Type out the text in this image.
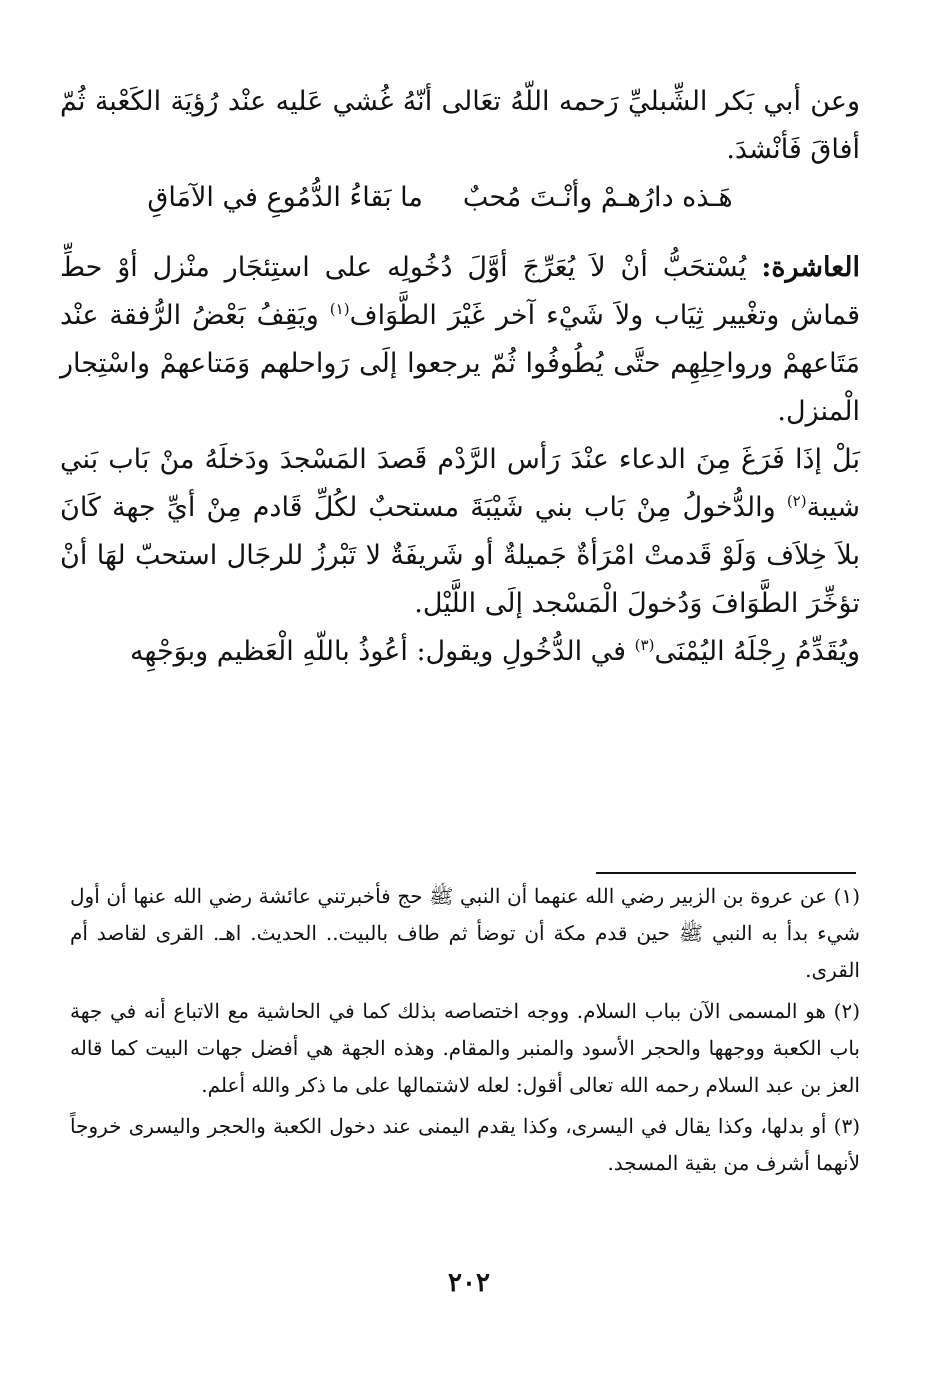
وعن أبي بَكر الشِّبليِّ رَحمه اللّهُ تعَالى أنّهُ غُشي عَليه عنْد رُؤيَة الكَعْبة ثُمّ أفاقَ فَأنْشدَ.

هَـذه دارُهـمْ وأنْـتَ مُحبٌ
ما بَقاءُ الدُّمُوعِ في الآمَاقِ

العاشرة: يُسْتحَبُّ أنْ لاَ يُعَرِّجَ أوَّلَ دُخُولِه على استِئجَار منْزل أوْ حطِّ قماش وتغْيير ثِيَاب ولاَ شَيْء آخر غَيْرَ الطَّوَاف$^{(١)}$ ويَقِفُ بَعْضُ الرُّفقة عنْد مَتَاعهمْ ورواحِلِهِم حتَّى يُطُوفُوا ثُمّ يرجعوا إلَى رَواحلهم وَمَتاعهمْ واسْتِجار الْمنزل.

بَلْ إذَا فَرَغَ مِنَ الدعاء عنْدَ رَأس الرَّدْم قَصدَ المَسْجدَ ودَخلَهُ منْ بَاب بَني شيبة$^{(٢)}$ والدُّخولُ مِنْ بَاب بني شَيْبَةَ مستحبٌ لكُلِّ قَادم مِنْ أيِّ جهة كَانَ بلاَ خِلاَف وَلَوْ قَدمتْ امْرَأةٌ جَميلةٌ أو شَريفَةٌ لا تَبْرزُ للرجَال استحبّ لهَا أنْ تؤخِّرَ الطَّوَافَ وَدُخولَ الْمَسْجد إلَى اللَّيْل.

ويُقَدِّمُ رِجْلَهُ اليُمْنَى$^{(٣)}$ في الدُّخُولِ ويقول: أعُوذُ باللّهِ الْعَظيم وبوَجْهِه

(١) عن عروة بن الزبير رضي الله عنهما أن النبي ﷺ حج فأخبرتني عائشة رضي الله عنها أن أول شيء بدأ به النبي ﷺ حين قدم مكة أن توضأ ثم طاف بالبيت.. الحديث. اهـ. القرى لقاصد أم القرى.

(٢) هو المسمى الآن بباب السلام. ووجه اختصاصه بذلك كما في الحاشية مع الاتباع أنه في جهة باب الكعبة ووجهها والحجر الأسود والمنبر والمقام. وهذه الجهة هي أفضل جهات البيت كما قاله العز بن عبد السلام رحمه الله تعالى أقول: لعله لاشتمالها على ما ذكر والله أعلم.

(٣) أو بدلها، وكذا يقال في اليسرى، وكذا يقدم اليمنى عند دخول الكعبة والحجر واليسرى خروجاً لأنهما أشرف من بقية المسجد.

٢٠٢
